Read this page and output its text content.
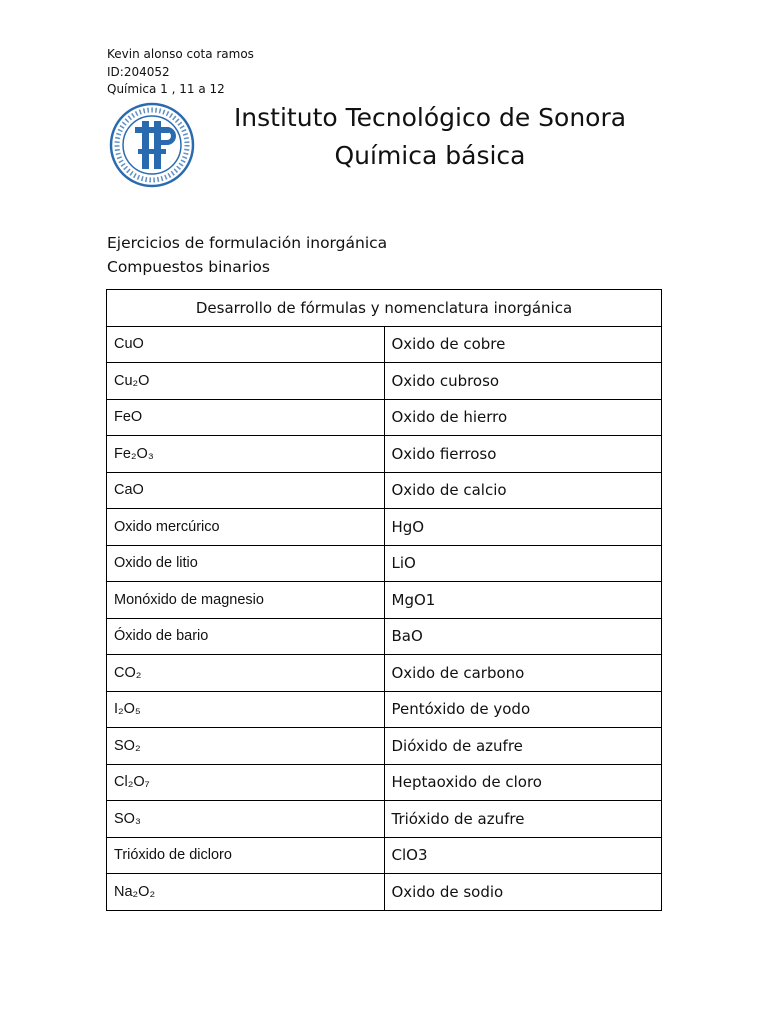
Kevin alonso cota ramos
ID:204052
Química 1 , 11 a 12
Instituto Tecnológico de Sonora
Química básica
Ejercicios de formulación inorgánica
Compuestos binarios
Desarrollo de fórmulas y nomenclatura inorgánica	
CuO	Oxido de cobre
Cu₂O	Oxido cubroso
FeO	Oxido de hierro
Fe₂O₃	Oxido fierroso
CaO	Oxido de calcio
Oxido mercúrico	HgO
Oxido de litio	LiO
Monóxido de magnesio	MgO1
Óxido de bario	BaO
CO₂	Oxido de carbono
I₂O₅	Pentóxido de yodo
SO₂	Dióxido de azufre
Cl₂O₇	Heptaoxido de cloro
SO₃	Trióxido de azufre
Trióxido de dicloro	ClO3
Na₂O₂	Oxido de sodio
